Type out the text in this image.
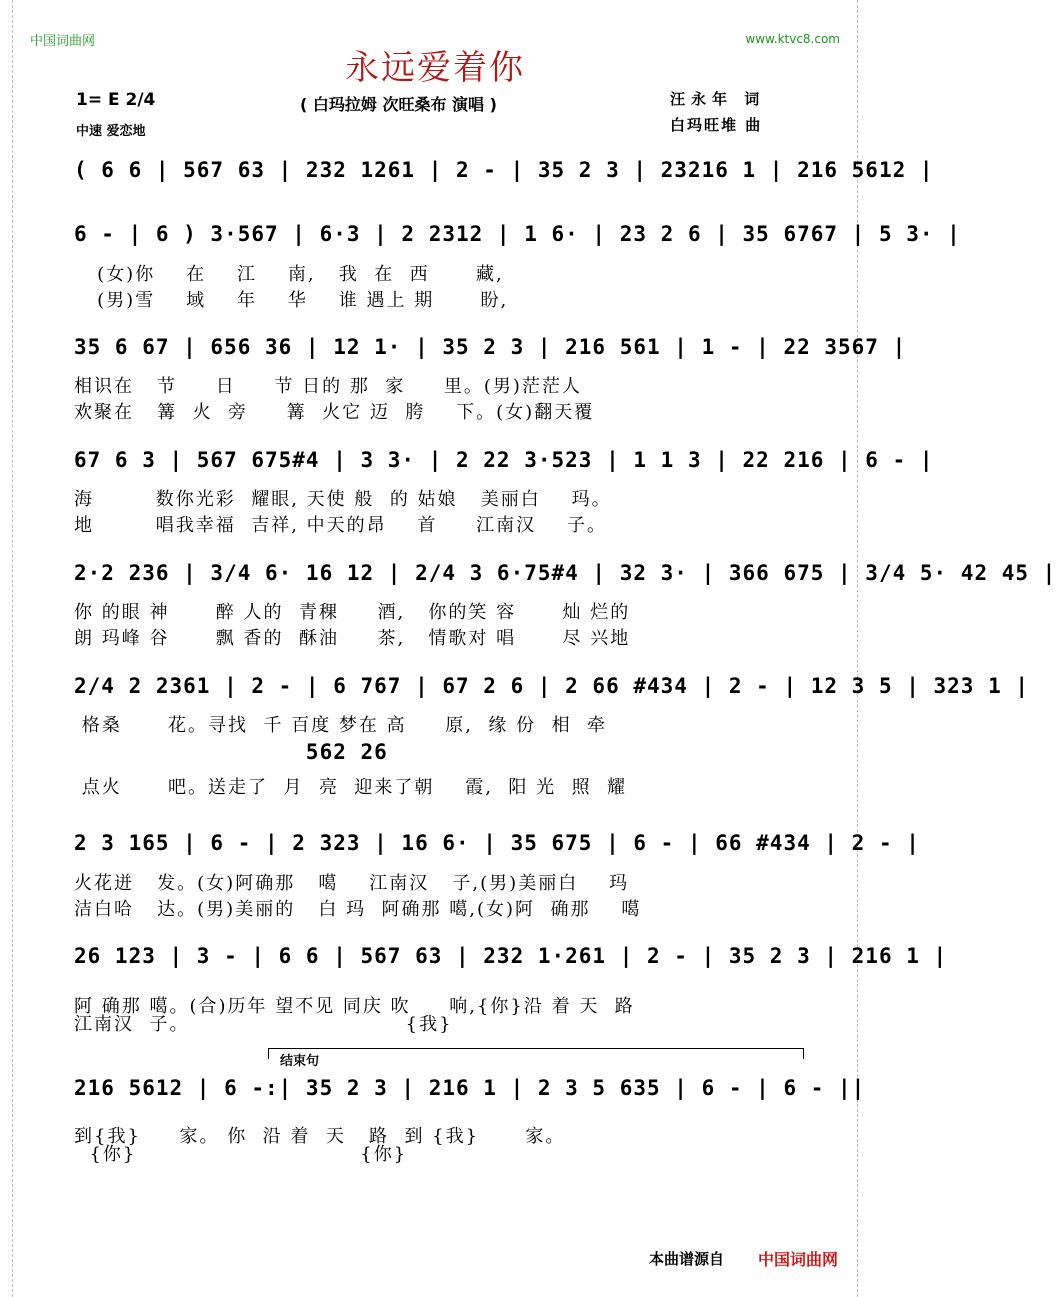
中国词曲网	www.ktvc8.com
永远爱着你
1= E 2/4	( 白玛拉姆 次旺桑布 演唱 )	汪永年 词
白玛旺堆 曲
中速 爱恋地
( 6 6 | 567 63 | 232 1261 | 2 - | 35 2 3 | 23216 1 | 216 5612 |
6 - | 6 ) 3·567 | 6·3 | 2 2312 | 1 6· | 23 2 6 | 35 6767 | 5 3· |
(女)你    在    江    南,   我  在  西      藏,
(男)雪    域    年    华    谁 遇上 期      盼,
35 6 67 | 656 36 | 12 1· | 35 2 3 | 216 561 | 1 - | 22 3567 |
相识在   节     日     节 日的 那  家     里。(男)茫茫人
欢聚在   篝  火  旁     篝  火它 迈  胯    下。(女)翻天覆
67 6 3 | 567 675#4 | 3 3· | 2 22 3·523 | 1 1 3 | 22 216 | 6 - |
海        数你光彩  耀眼, 天使 般  的 姑娘   美丽白    玛。
地        唱我幸福  吉祥, 中天的昂    首     江南汉    子。
2·2 236 | 3/4 6· 16 12 | 2/4 3 6·75#4 | 32 3· | 366 675 | 3/4 5· 42 45 |
你 的眼 神      醉 人的  青稞     酒,   你的笑 容      灿 烂的
朗 玛峰 谷      飘 香的  酥油     茶,   情歌对 唱      尽 兴地
2/4 2 2361 | 2 - | 6 767 | 67 2 6 | 2 66 #434 | 2 - | 12 3 5 | 323 1 |
格桑      花。寻找  千 百度 梦在 高     原,  缘 份  相  牵
562 26
点火      吧。送走了  月  亮  迎来了朝    霞,  阳 光  照  耀
2 3 165 | 6 - | 2 323 | 16 6· | 35 675 | 6 - | 66 #434 | 2 - |
火花迸   发。(女)阿确那   噶    江南汉   子,(男)美丽白    玛
洁白哈   达。(男)美丽的   白 玛  阿确那 噶,(女)阿  确那    噶
26 123 | 3 - | 6 6 | 567 63 | 232 1·261 | 2 - | 35 2 3 | 216 1 |
阿 确那 噶。(合)历年 望不见 同庆 吹     响,{你}沿 着 天  路
江南汉  子。                            {我}
结束句
216 5612 | 6 -:| 35 2 3 | 216 1 | 2 3 5 635 | 6 - | 6 - ||
到{我}     家。 你  沿 着  天   路  到 {我}      家。
{你}                             {你}
本曲谱源自 中国词曲网
